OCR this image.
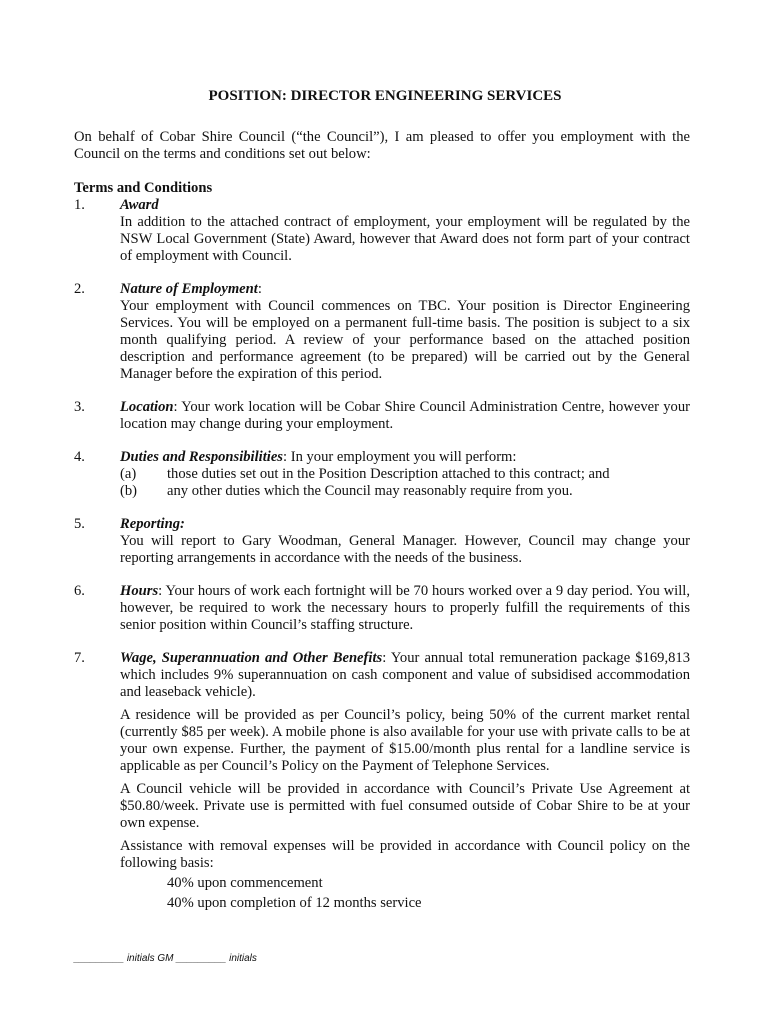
POSITION: DIRECTOR ENGINEERING SERVICES
On behalf of Cobar Shire Council (“the Council”), I am pleased to offer you employment with the Council on the terms and conditions set out below:
Terms and Conditions
1. Award

In addition to the attached contract of employment, your employment will be regulated by the NSW Local Government (State) Award, however that Award does not form part of your contract of employment with Council.

2. Nature of Employment:

Your employment with Council commences on TBC. Your position is Director Engineering Services. You will be employed on a permanent full-time basis. The position is subject to a six month qualifying period. A review of your performance based on the attached position description and performance agreement (to be prepared) will be carried out by the General Manager before the expiration of this period.

3. Location: Your work location will be Cobar Shire Council Administration Centre, however your location may change during your employment.

4. Duties and Responsibilities: In your employment you will perform:

(a) those duties set out in the Position Description attached to this contract; and
(b) any other duties which the Council may reasonably require from you.
5. Reporting:

You will report to Gary Woodman, General Manager. However, Council may change your reporting arrangements in accordance with the needs of the business.

6. Hours: Your hours of work each fortnight will be 70 hours worked over a 9 day period. You will, however, be required to work the necessary hours to properly fulfill the requirements of this senior position within Council’s staffing structure.

7. Wage, Superannuation and Other Benefits: Your annual total remuneration package $169,813 which includes 9% superannuation on cash component and value of subsidised accommodation and leaseback vehicle).

A residence will be provided as per Council’s policy, being 50% of the current market rental (currently $85 per week). A mobile phone is also available for your use with private calls to be at your own expense. Further, the payment of $15.00/month plus rental for a landline service is applicable as per Council’s Policy on the Payment of Telephone Services.

A Council vehicle will be provided in accordance with Council’s Private Use Agreement at $50.80/week. Private use is permitted with fuel consumed outside of Cobar Shire to be at your own expense.

Assistance with removal expenses will be provided in accordance with Council policy on the following basis:

40% upon commencement

40% upon completion of 12 months service

_________ initials GM _________ initials
